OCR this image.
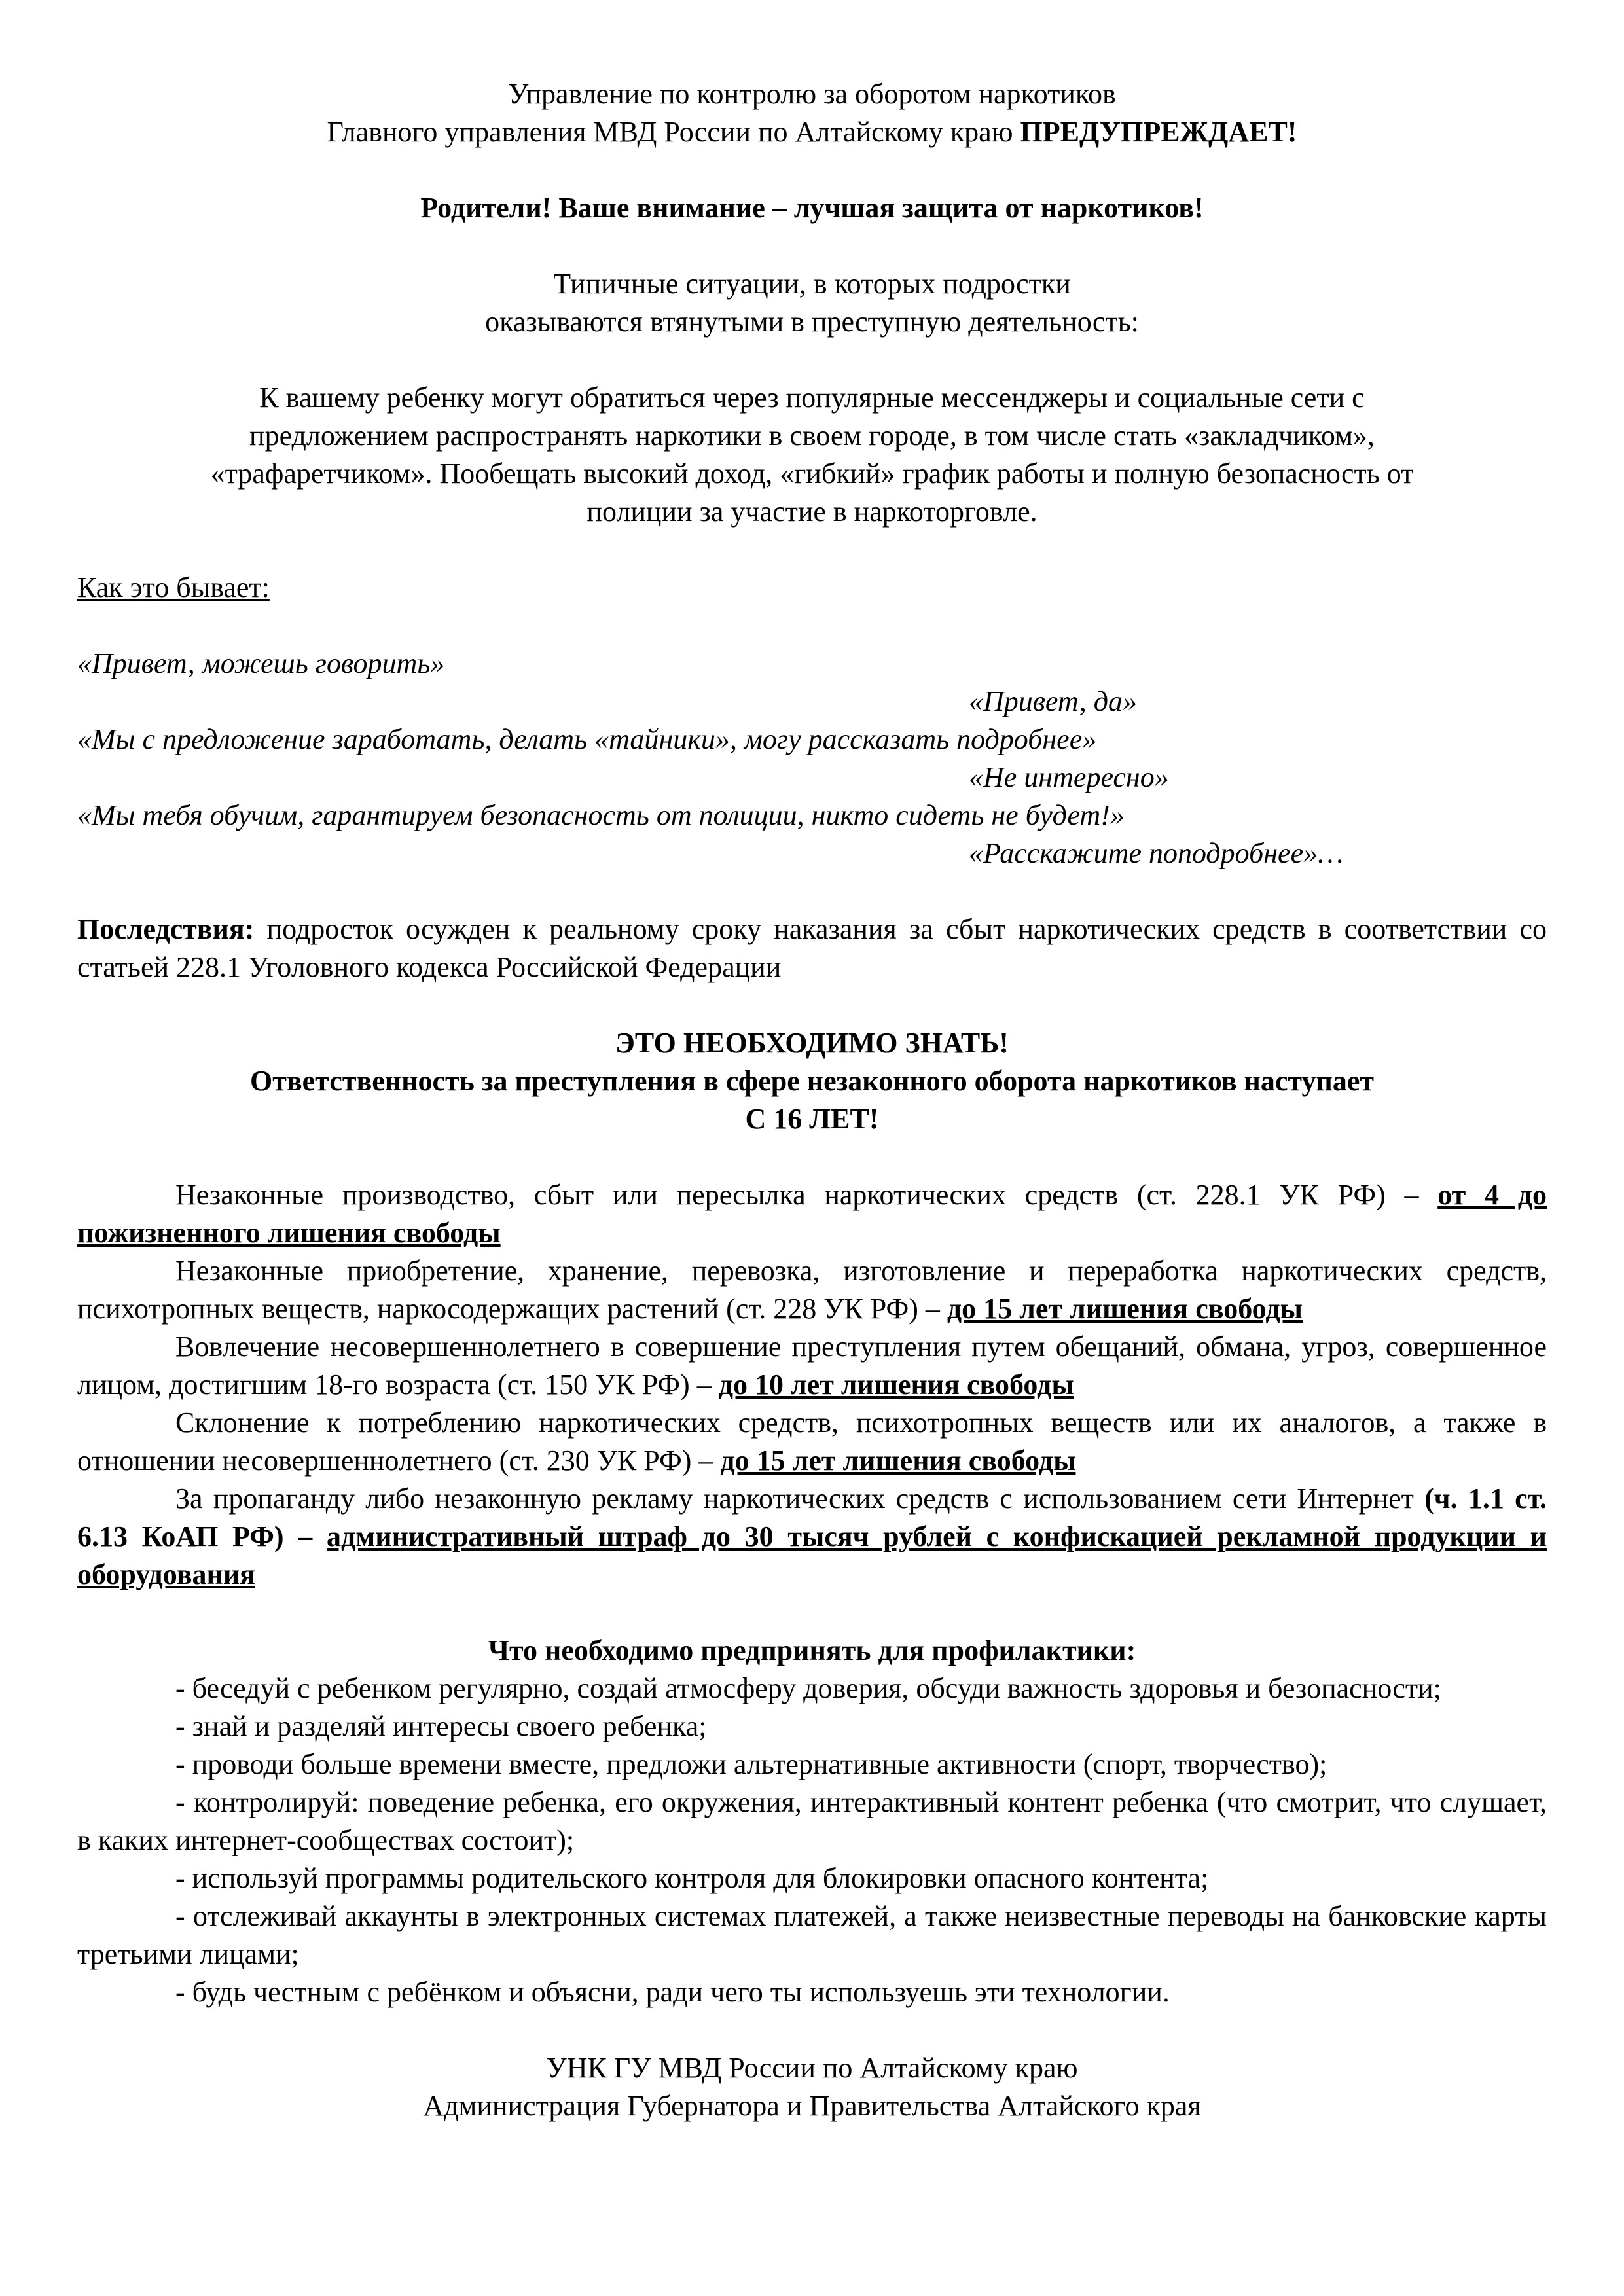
Управление по контролю за оборотом наркотиков

Главного управления МВД России по Алтайскому краю ПРЕДУПРЕЖДАЕТ!

Родители! Ваше внимание – лучшая защита от наркотиков!

Типичные ситуации, в которых подростки

оказываются втянутыми в преступную деятельность:

К вашему ребенку могут обратиться через популярные мессенджеры и социальные сети с

предложением распространять наркотики в своем городе, в том числе стать «закладчиком»,

«трафаретчиком». Пообещать высокий доход, «гибкий» график работы и полную безопасность от

полиции за участие в наркоторговле.

Как это бывает:

«Привет, можешь говорить»
«Привет, да»
«Мы с предложение заработать, делать «тайники», могу рассказать подробнее»
«Не интересно»
«Мы тебя обучим, гарантируем безопасность от полиции, никто сидеть не будет!»
«Расскажите поподробнее»…

Последствия: подросток осужден к реальному сроку наказания за сбыт наркотических средств в соответствии со статьей 228.1 Уголовного кодекса Российской Федерации

ЭТО НЕОБХОДИМО ЗНАТЬ!

Ответственность за преступления в сфере незаконного оборота наркотиков наступает

С 16 ЛЕТ!

Незаконные производство, сбыт или пересылка наркотических средств (ст. 228.1 УК РФ) – от 4 до пожизненного лишения свободы

Незаконные приобретение, хранение, перевозка, изготовление и переработка наркотических средств, психотропных веществ, наркосодержащих растений (ст. 228 УК РФ) – до 15 лет лишения свободы

Вовлечение несовершеннолетнего в совершение преступления путем обещаний, обмана, угроз, совершенное лицом, достигшим 18-го возраста (ст. 150 УК РФ) – до 10 лет лишения свободы

Склонение к потреблению наркотических средств, психотропных веществ или их аналогов, а также в отношении несовершеннолетнего (ст. 230 УК РФ) – до 15 лет лишения свободы

За пропаганду либо незаконную рекламу наркотических средств с использованием сети Интернет (ч. 1.1 ст. 6.13 КоАП РФ) – административный штраф до 30 тысяч рублей с конфискацией рекламной продукции и оборудования

Что необходимо предпринять для профилактики:

- беседуй с ребенком регулярно, создай атмосферу доверия, обсуди важность здоровья и безопасности;

- знай и разделяй интересы своего ребенка;

- проводи больше времени вместе, предложи альтернативные активности (спорт, творчество);

- контролируй: поведение ребенка, его окружения, интерактивный контент ребенка (что смотрит, что слушает, в каких интернет-сообществах состоит);

- используй программы родительского контроля для блокировки опасного контента;

- отслеживай аккаунты в электронных системах платежей, а также неизвестные переводы на банковские карты третьими лицами;

- будь честным с ребёнком и объясни, ради чего ты используешь эти технологии.

УНК ГУ МВД России по Алтайскому краю

Администрация Губернатора и Правительства Алтайского края
